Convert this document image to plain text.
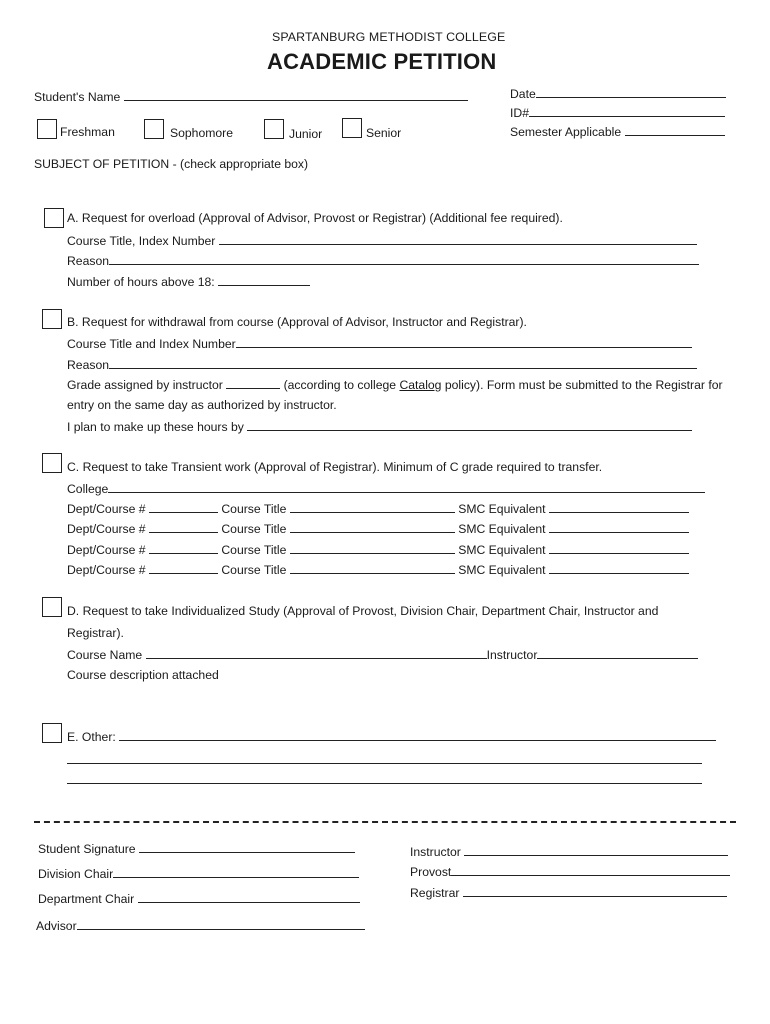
SPARTANBURG METHODIST COLLEGE
ACADEMIC PETITION
Student's Name	Date
ID#
Semester Applicable
Freshman	Sophomore	Junior	Senior
SUBJECT OF PETITION - (check appropriate box)
A. Request for overload (Approval of Advisor, Provost or Registrar) (Additional fee required).
Course Title, Index Number
Reason
Number of hours above 18:
B. Request for withdrawal from course (Approval of Advisor, Instructor and Registrar).
Course Title and Index Number
Reason
Grade assigned by instructor	(according to college Catalog policy). Form must be submitted to the Registrar for
entry on the same day as authorized by instructor.
I plan to make up these hours by
C. Request to take Transient work (Approval of Registrar). Minimum of C grade required to transfer.
College
Dept/Course #	Course Title	SMC Equivalent
Dept/Course #	Course Title	SMC Equivalent
Dept/Course #	Course Title	SMC Equivalent
Dept/Course #	Course Title	SMC Equivalent
D. Request to take Individualized Study (Approval of Provost, Division Chair, Department Chair, Instructor and
Registrar).
Course Name	Instructor
Course description attached
E. Other:
Student Signature
Division Chair
Department Chair
Advisor
Instructor
Provost
Registrar
